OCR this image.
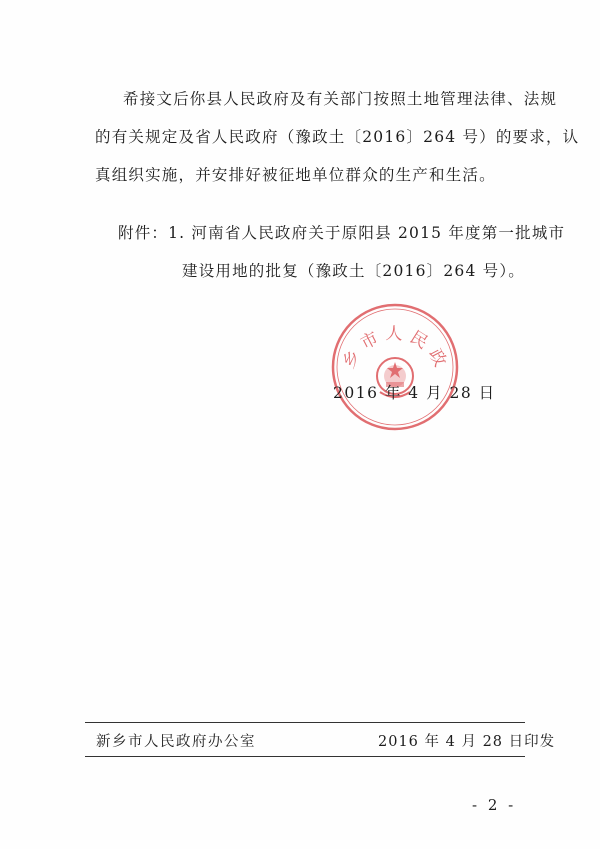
希接文后你县人民政府及有关部门按照土地管理法律、法规
的有关规定及省人民政府（豫政土〔2016〕264 号）的要求，认
真组织实施，并安排好被征地单位群众的生产和生活。
附件：1. 河南省人民政府关于原阳县 2015 年度第一批城市
建设用地的批复（豫政土〔2016〕264 号）。
乡市人民政
2016 年 4 月 28 日
新乡市人民政府办公室	2016 年 4 月 28 日印发
- 2 -
